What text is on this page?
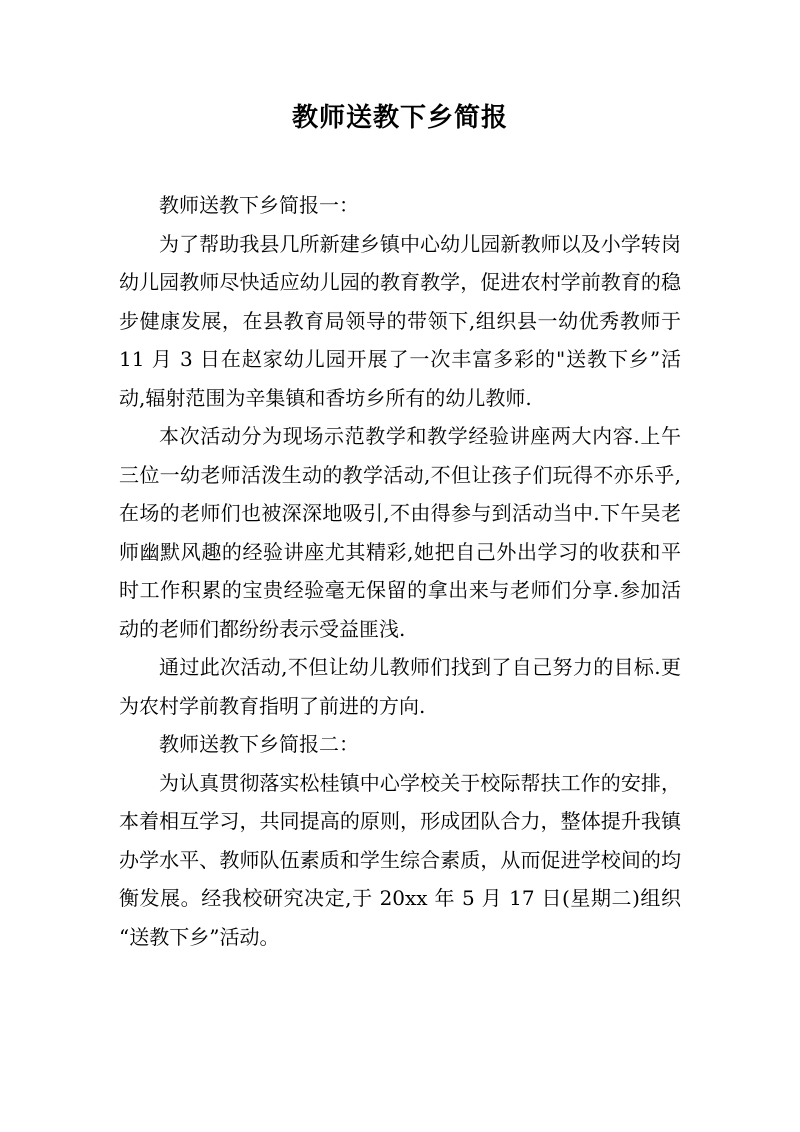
教师送教下乡简报

教师送教下乡简报一：

为了帮助我县几所新建乡镇中心幼儿园新教师以及小学转岗幼儿园教师尽快适应幼儿园的教育教学，促进农村学前教育的稳步健康发展，在县教育局领导的带领下,组织县一幼优秀教师于 11 月 3 日在赵家幼儿园开展了一次丰富多彩的"送教下乡”活动,辐射范围为辛集镇和香坊乡所有的幼儿教师.

本次活动分为现场示范教学和教学经验讲座两大内容.上午三位一幼老师活泼生动的教学活动,不但让孩子们玩得不亦乐乎,在场的老师们也被深深地吸引,不由得参与到活动当中.下午吴老师幽默风趣的经验讲座尤其精彩,她把自己外出学习的收获和平时工作积累的宝贵经验毫无保留的拿出来与老师们分享.参加活动的老师们都纷纷表示受益匪浅.

通过此次活动,不但让幼儿教师们找到了自己努力的目标.更为农村学前教育指明了前进的方向.

教师送教下乡简报二：

为认真贯彻落实松桂镇中心学校关于校际帮扶工作的安排，本着相互学习，共同提高的原则，形成团队合力，整体提升我镇办学水平、教师队伍素质和学生综合素质，从而促进学校间的均衡发展。经我校研究决定,于 20xx 年 5 月 17 日(星期二)组织 “送教下乡”活动。
